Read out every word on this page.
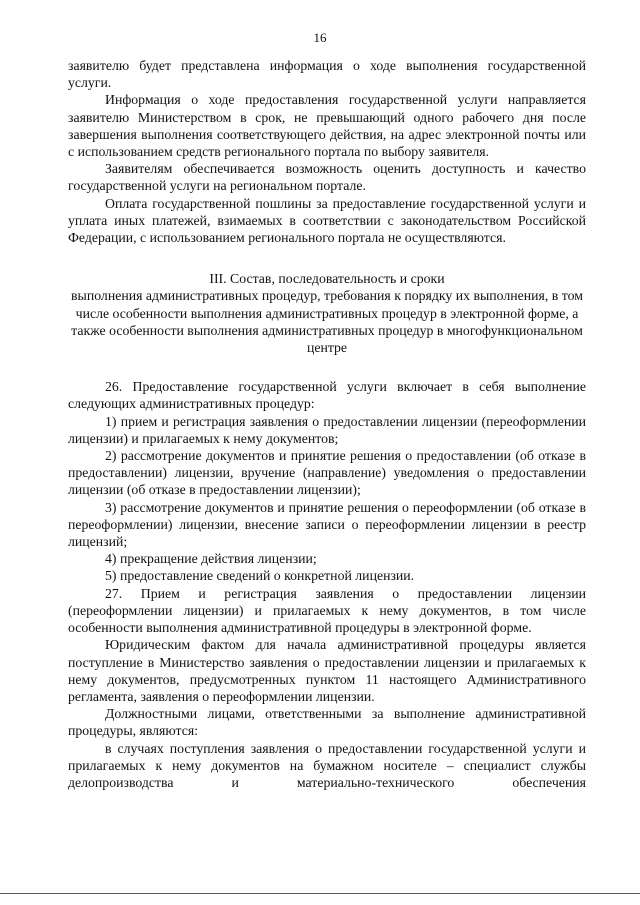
16

заявителю будет представлена информация о ходе выполнения государственной услуги.

Информация о ходе предоставления государственной услуги направляется заявителю Министерством в срок, не превышающий одного рабочего дня после завершения выполнения соответствующего действия, на адрес электронной почты или с использованием средств регионального портала по выбору заявителя.

Заявителям обеспечивается возможность оценить доступность и качество государственной услуги на региональном портале.

Оплата государственной пошлины за предоставление государственной услуги и уплата иных платежей, взимаемых в соответствии с законодательством Российской Федерации, с использованием регионального портала не осуществляются.

III. Состав, последовательность и сроки
выполнения административных процедур, требования к порядку их выполнения, в том числе особенности выполнения административных процедур в электронной форме, а также особенности выполнения административных процедур в многофункциональном центре

26. Предоставление государственной услуги включает в себя выполнение следующих административных процедур:

1) прием и регистрация заявления о предоставлении лицензии (переоформлении лицензии) и прилагаемых к нему документов;

2) рассмотрение документов и принятие решения о предоставлении (об отказе в предоставлении) лицензии, вручение (направление) уведомления о предоставлении лицензии (об отказе в предоставлении лицензии);

3) рассмотрение документов и принятие решения о переоформлении (об отказе в переоформлении) лицензии, внесение записи о переоформлении лицензии в реестр лицензий;

4) прекращение действия лицензии;

5) предоставление сведений о конкретной лицензии.

27. Прием и регистрация заявления о предоставлении лицензии (переоформлении лицензии) и прилагаемых к нему документов, в том числе особенности выполнения административной процедуры в электронной форме.

Юридическим фактом для начала административной процедуры является поступление в Министерство заявления о предоставлении лицензии и прилагаемых к нему документов, предусмотренных пунктом 11 настоящего Административного регламента, заявления о переоформлении лицензии.

Должностными лицами, ответственными за выполнение административной процедуры, являются:

в случаях поступления заявления о предоставлении государственной услуги и прилагаемых к нему документов на бумажном носителе – специалист службы делопроизводства и материально-технического обеспечения
